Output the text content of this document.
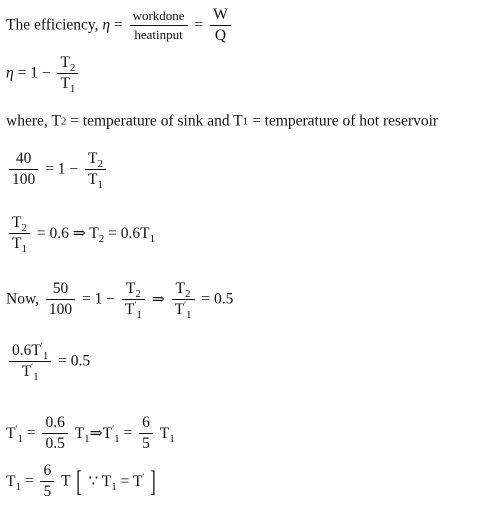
The efficiency, $\eta = \frac{\text{workdone}}{\text{heatinput}} = \frac{W}{Q}$
$\eta = 1 - \frac{T_2}{T_1}$
where, T2 = temperature of sink and T1 = temperature of hot reservoir
$\frac{40}{100} = 1 - \frac{T_2}{T_1}$
$\frac{T_2}{T_1} = 0.6$ ⇒ $T_2 = 0.6T_1$
Now, $\frac{50}{100} = 1 - \frac{T_2}{T'_1}$ ⇒ $\frac{T_2}{T'_1} = 0.5$
$\frac{0.6T'_1}{T'_1} = 0.5$
$T'_1 = \frac{0.6}{0.5}$ $T_1\Rightarrow T'_1 = \frac{6}{5} T_1$
$T_1 = \frac{6}{5}$ T [ ∵ $T_1 = T'$ ]
